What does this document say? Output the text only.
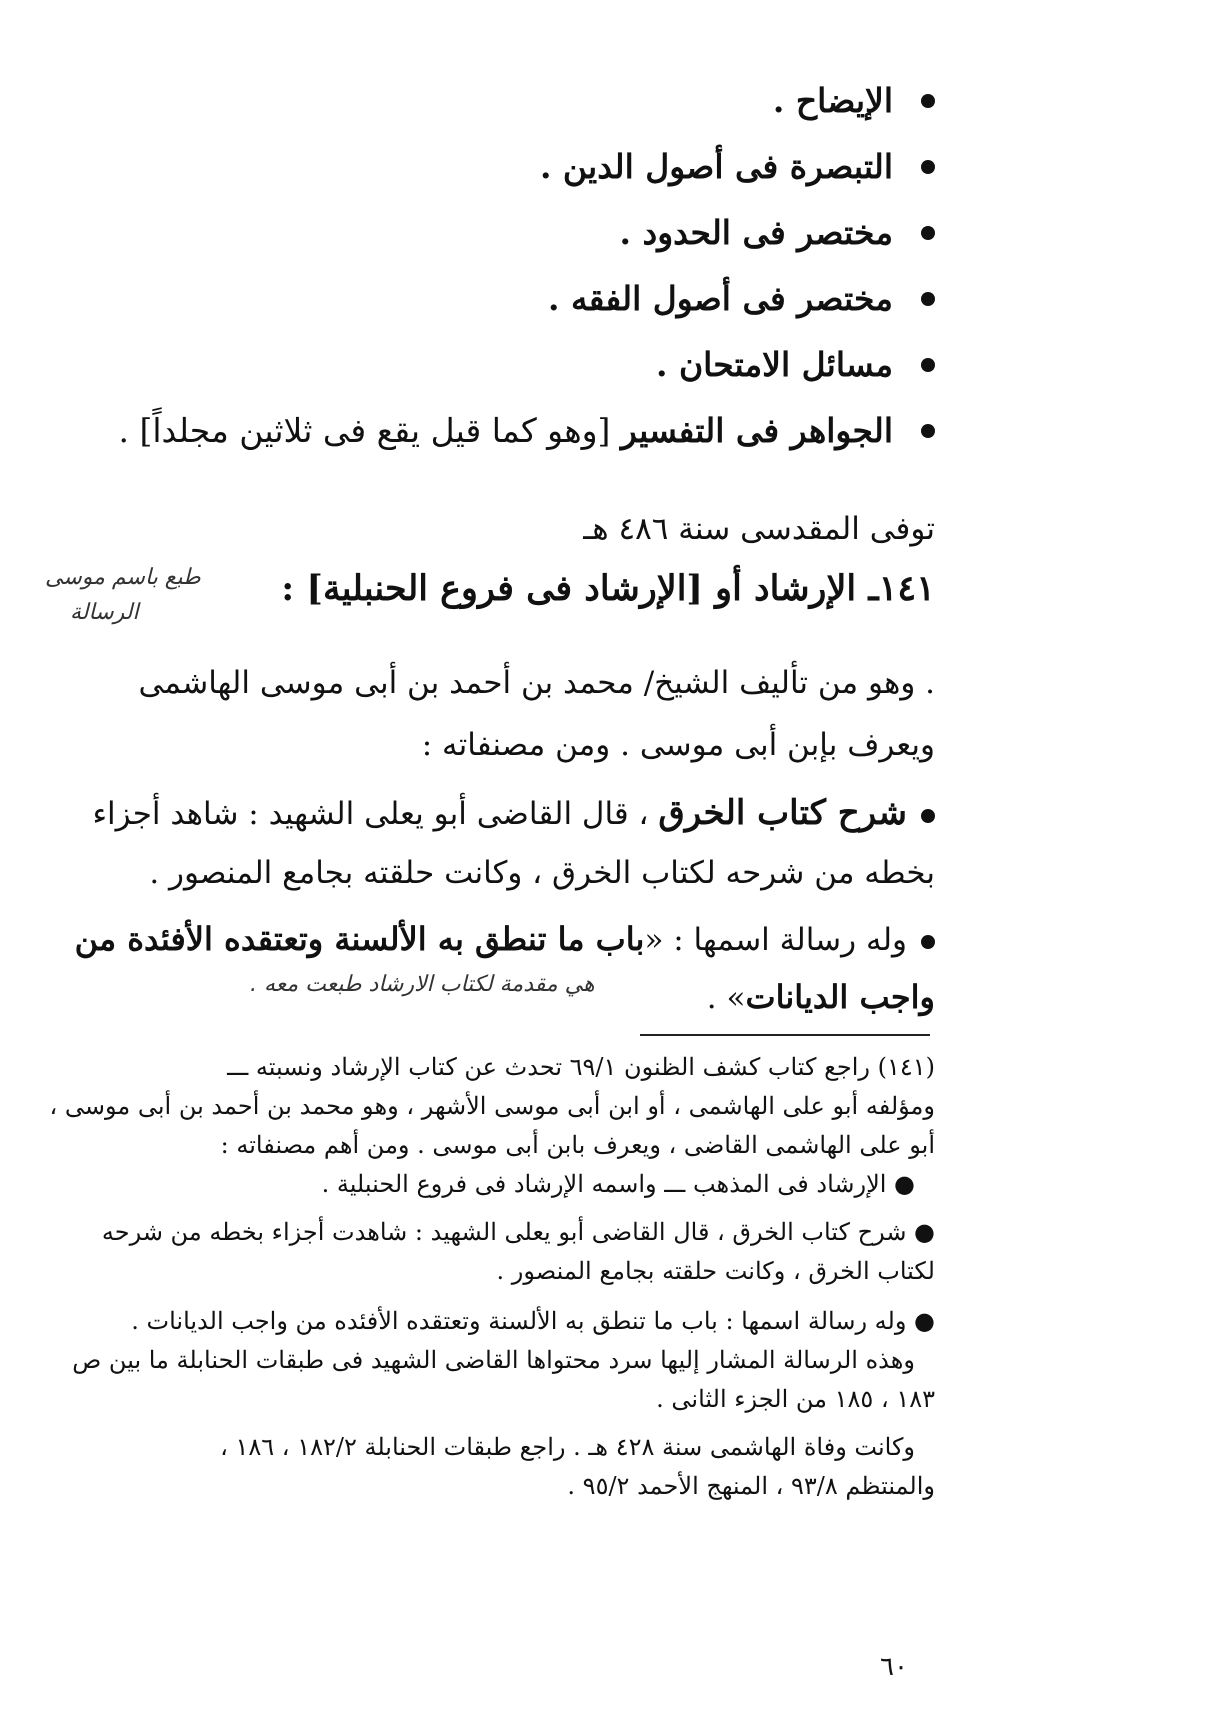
الإيضاح .
التبصرة فى أصول الدين .
مختصر فى الحدود .
مختصر فى أصول الفقه .
مسائل الامتحان .
الجواهر فى التفسير [وهو كما قيل يقع فى ثلاثين مجلداً] .
توفى المقدسى سنة ٤٨٦ هـ
١٤١ـ الإرشاد أو [الإرشاد فى فروع الحنبلية] :
طبع باسم موسى
الرسالة
. وهو من تأليف الشيخ/ محمد بن أحمد بن أبى موسى الهاشمى
ويعرف بإبن أبى موسى . ومن مصنفاته :
شرح كتاب الخرق ، قال القاضى أبو يعلى الشهيد : شاهد أجزاء
بخطه من شرحه لكتاب الخرق ، وكانت حلقته بجامع المنصور .
وله رسالة اسمها : «باب ما تنطق به الألسنة وتعتقده الأفئدة من
واجب الديانات» .
هي مقدمة لكتاب الارشاد طبعت معه .
(١٤١) راجع كتاب كشف الظنون ٦٩/١ تحدث عن كتاب الإرشاد ونسبته ـــ
ومؤلفه أبو على الهاشمى ، أو ابن أبى موسى الأشهر ، وهو محمد بن أحمد بن أبى موسى ،
أبو على الهاشمى القاضى ، ويعرف بابن أبى موسى . ومن أهم مصنفاته :
● الإرشاد فى المذهب ـــ واسمه الإرشاد فى فروع الحنبلية .
● شرح كتاب الخرق ، قال القاضى أبو يعلى الشهيد : شاهدت أجزاء بخطه من شرحه
لكتاب الخرق ، وكانت حلقته بجامع المنصور .
● وله رسالة اسمها : باب ما تنطق به الألسنة وتعتقده الأفئده من واجب الديانات .
وهذه الرسالة المشار إليها سرد محتواها القاضى الشهيد فى طبقات الحنابلة ما بين ص
١٨٣ ، ١٨٥ من الجزء الثانى .
وكانت وفاة الهاشمى سنة ٤٢٨ هـ . راجع طبقات الحنابلة ١٨٢/٢ ، ١٨٦ ،
والمنتظم ٩٣/٨ ، المنهج الأحمد ٩٥/٢ .
٦٠
